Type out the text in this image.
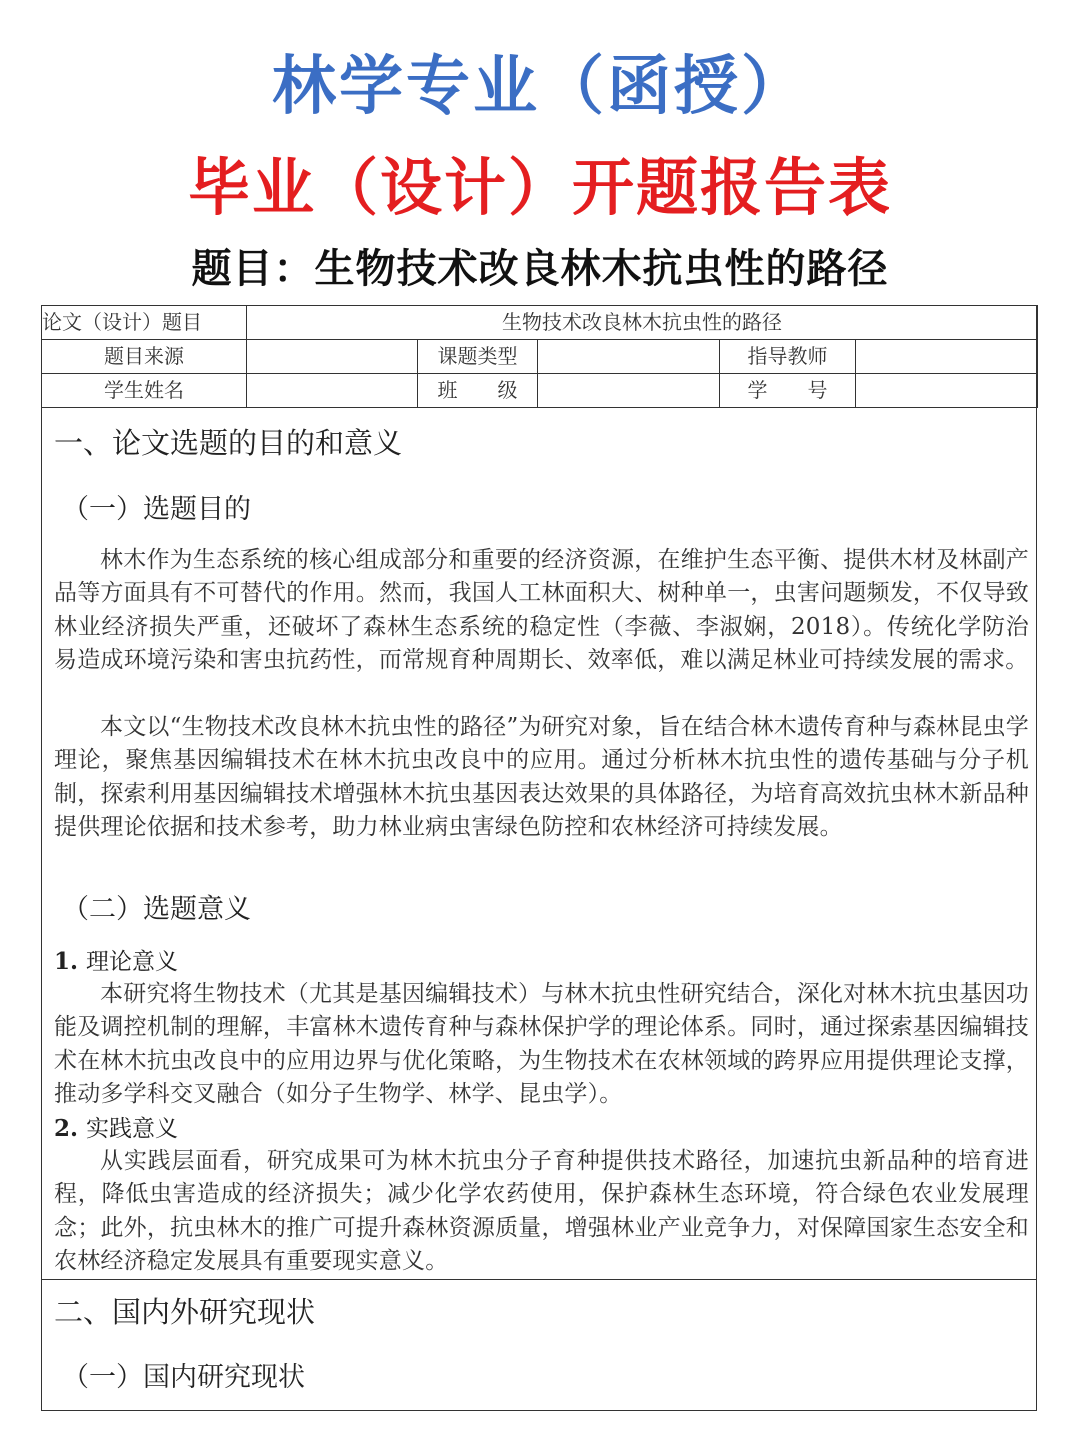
林学专业（函授）
毕业（设计）开题报告表
题目：生物技术改良林木抗虫性的路径
论文（设计）题目	生物技术改良林木抗虫性的路径				
题目来源		课题类型		指导教师	
学生姓名		班　　级		学　　号	
一、论文选题的目的和意义
（一）选题目的

林木作为生态系统的核心组成部分和重要的经济资源，在维护生态平衡、提供木材及林副产品等方面具有不可替代的作用。然而，我国人工林面积大、树种单一，虫害问题频发，不仅导致林业经济损失严重，还破坏了森林生态系统的稳定性（李薇、李淑娴，2018）。传统化学防治易造成环境污染和害虫抗药性，而常规育种周期长、效率低，难以满足林业可持续发展的需求。

本文以“生物技术改良林木抗虫性的路径”为研究对象，旨在结合林木遗传育种与森林昆虫学理论，聚焦基因编辑技术在林木抗虫改良中的应用。通过分析林木抗虫性的遗传基础与分子机制，探索利用基因编辑技术增强林木抗虫基因表达效果的具体路径，为培育高效抗虫林木新品种提供理论依据和技术参考，助力林业病虫害绿色防控和农林经济可持续发展。

（二）选题意义
1. 理论意义

本研究将生物技术（尤其是基因编辑技术）与林木抗虫性研究结合，深化对林木抗虫基因功能及调控机制的理解，丰富林木遗传育种与森林保护学的理论体系。同时，通过探索基因编辑技术在林木抗虫改良中的应用边界与优化策略，为生物技术在农林领域的跨界应用提供理论支撑，推动多学科交叉融合（如分子生物学、林学、昆虫学）。

2. 实践意义

从实践层面看，研究成果可为林木抗虫分子育种提供技术路径，加速抗虫新品种的培育进程，降低虫害造成的经济损失；减少化学农药使用，保护森林生态环境，符合绿色农业发展理念；此外，抗虫林木的推广可提升森林资源质量，增强林业产业竞争力，对保障国家生态安全和农林经济稳定发展具有重要现实意义。

二、国内外研究现状
（一）国内研究现状
